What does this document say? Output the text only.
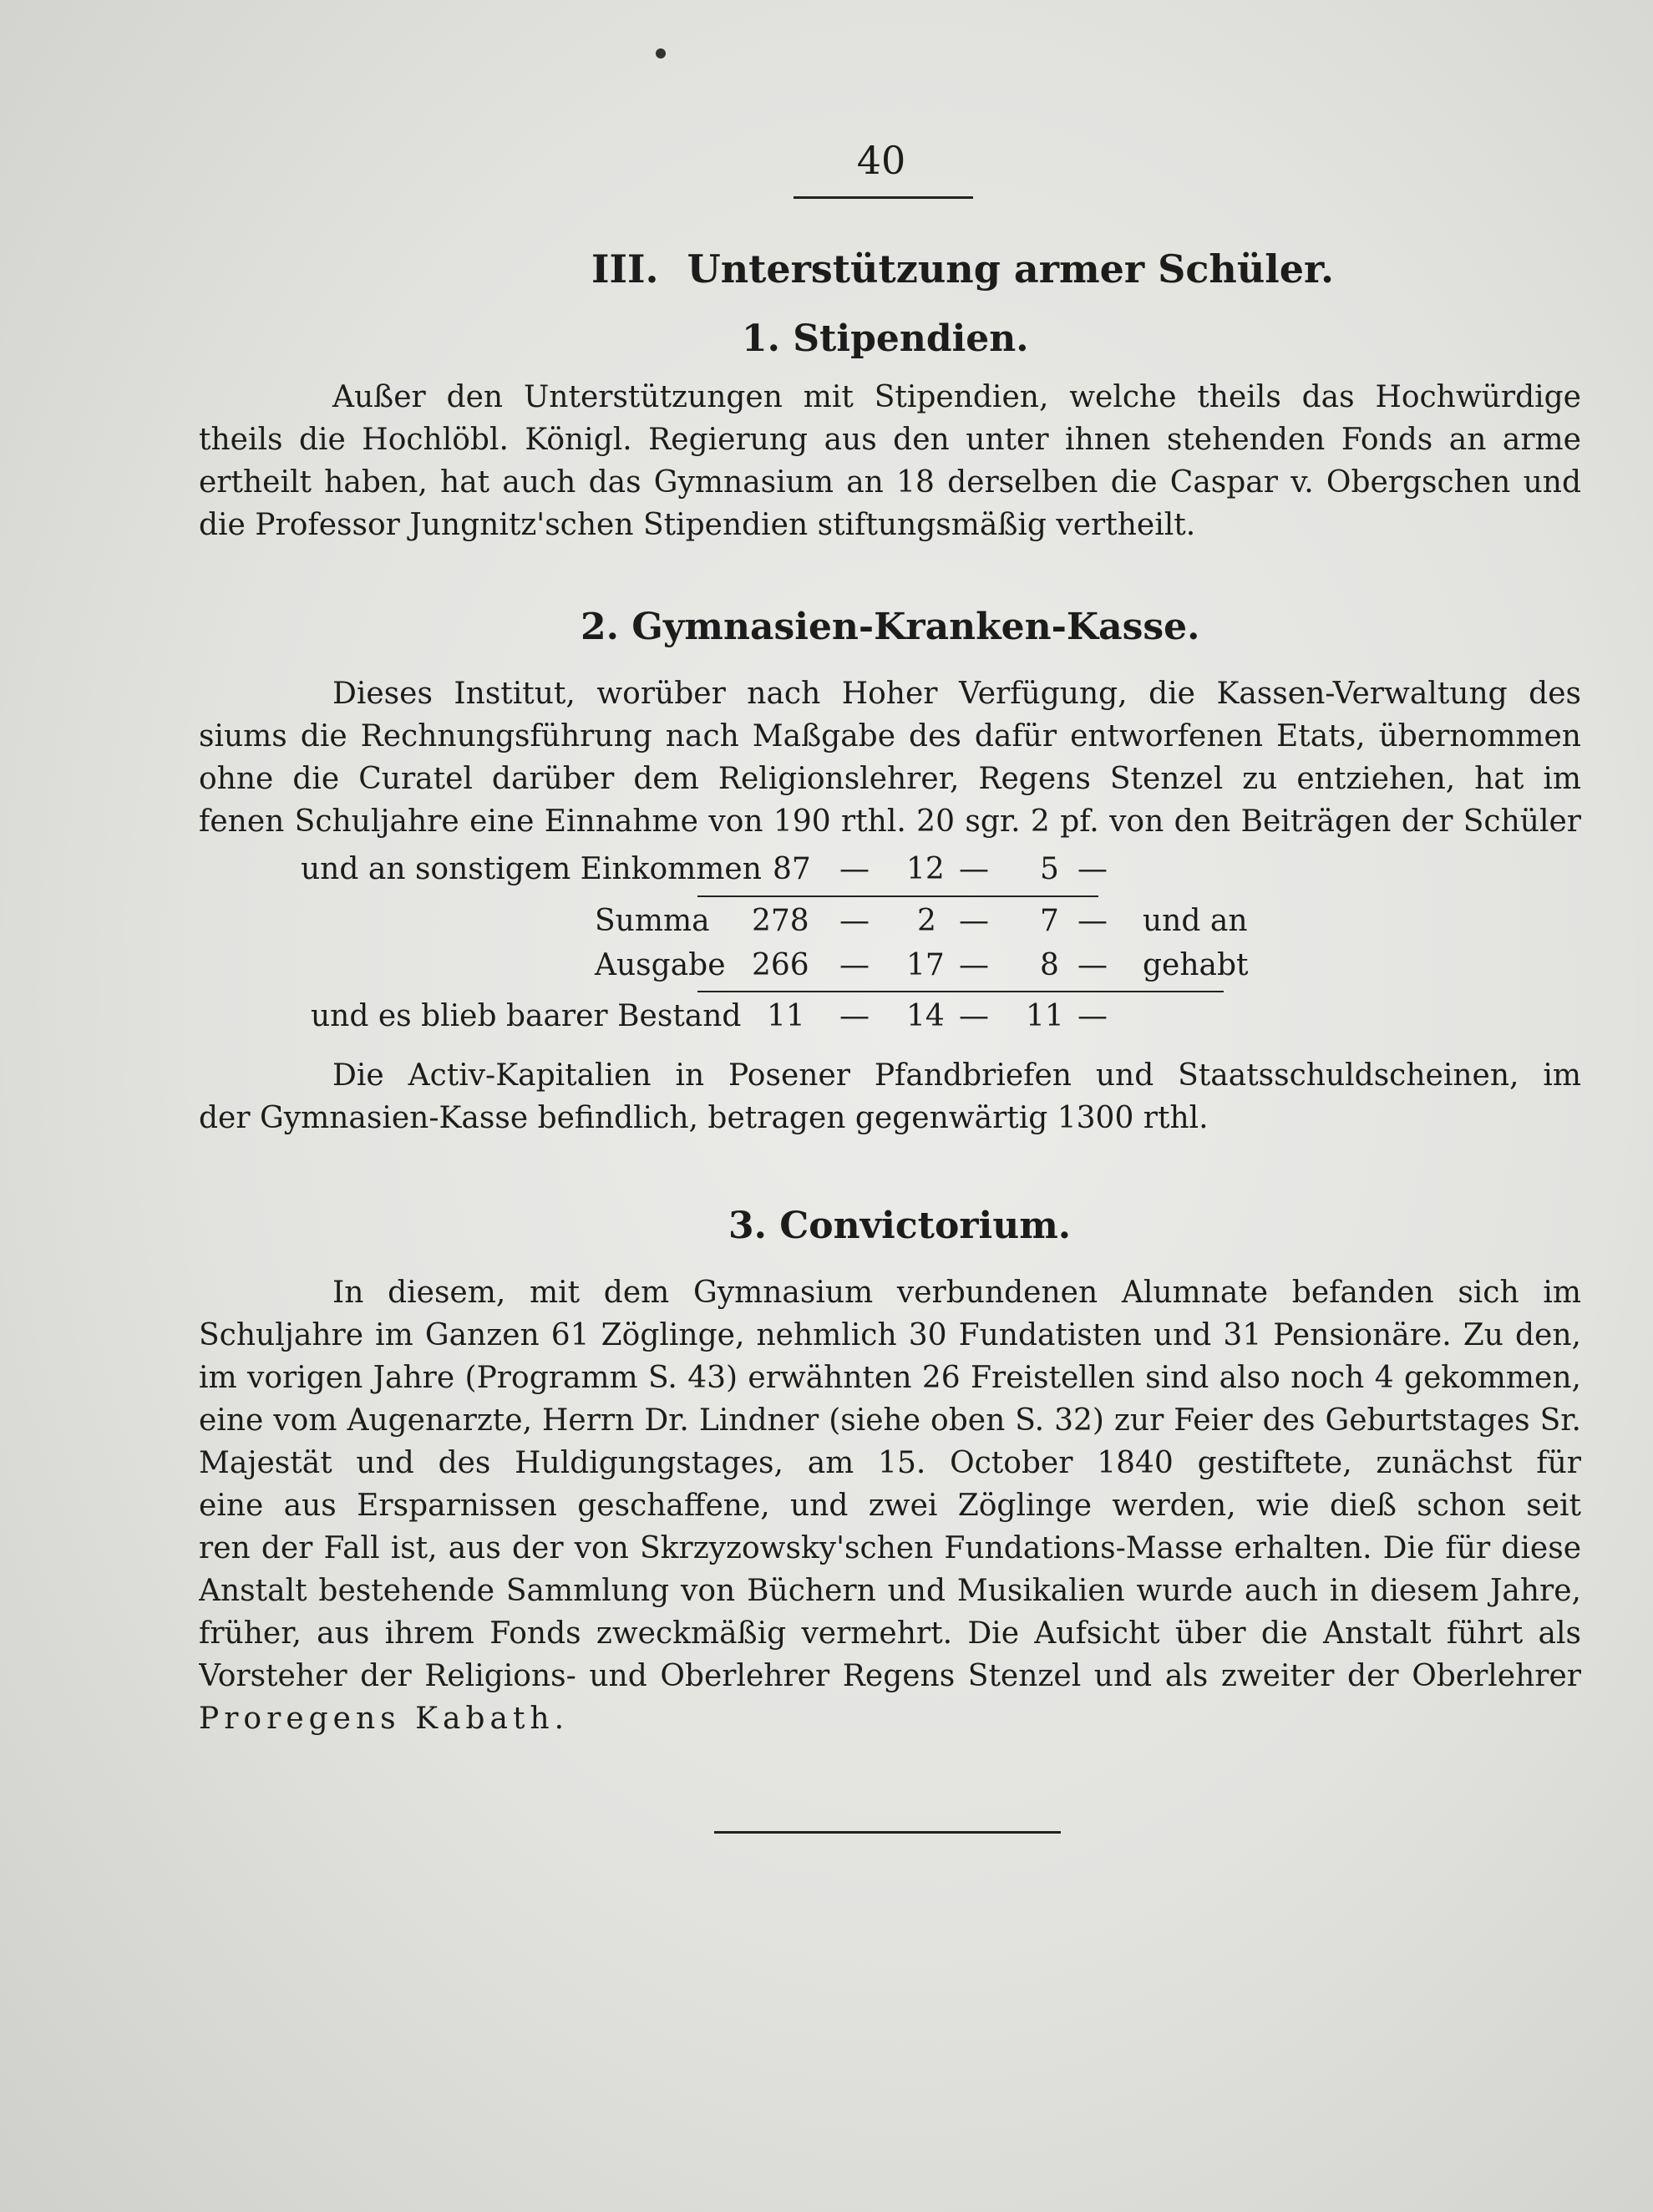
40
III. Unterstützung armer Schüler.
1. Stipendien.
Außer den Unterstützungen mit Stipendien, welche theils das Hochwürdige
theils die Hochlöbl. Königl. Regierung aus den unter ihnen stehenden Fonds an arme
ertheilt haben, hat auch das Gymnasium an 18 derselben die Caspar v. Obergschen und
die Professor Jungnitz'schen Stipendien stiftungsmäßig vertheilt.
2. Gymnasien-Kranken-Kasse.
Dieses Institut, worüber nach Hoher Verfügung, die Kassen-Verwaltung des
siums die Rechnungsführung nach Maßgabe des dafür entworfenen Etats, übernommen
ohne die Curatel darüber dem Religionslehrer, Regens Stenzel zu entziehen, hat im
fenen Schuljahre eine Einnahme von 190 rthl. 20 sgr. 2 pf. von den Beiträgen der Schüler
und an sonstigem Einkommen 87 — 12 — 5 —
Summa 278 — 2 — 7 — und an
Ausgabe 266 — 17 — 8 — gehabt
und es blieb baarer Bestand 11 — 14 — 11 —
Die Activ-Kapitalien in Posener Pfandbriefen und Staatsschuldscheinen, im
der Gymnasien-Kasse befindlich, betragen gegenwärtig 1300 rthl.
3. Convictorium.
In diesem, mit dem Gymnasium verbundenen Alumnate befanden sich im
Schuljahre im Ganzen 61 Zöglinge, nehmlich 30 Fundatisten und 31 Pensionäre. Zu den,
im vorigen Jahre (Programm S. 43) erwähnten 26 Freistellen sind also noch 4 gekommen,
eine vom Augenarzte, Herrn Dr. Lindner (siehe oben S. 32) zur Feier des Geburtstages Sr.
Majestät und des Huldigungstages, am 15. October 1840 gestiftete, zunächst für
eine aus Ersparnissen geschaffene, und zwei Zöglinge werden, wie dieß schon seit
ren der Fall ist, aus der von Skrzyzowsky'schen Fundations-Masse erhalten. Die für diese
Anstalt bestehende Sammlung von Büchern und Musikalien wurde auch in diesem Jahre,
früher, aus ihrem Fonds zweckmäßig vermehrt. Die Aufsicht über die Anstalt führt als
Vorsteher der Religions- und Oberlehrer Regens Stenzel und als zweiter der Oberlehrer
Proregens Kabath.
